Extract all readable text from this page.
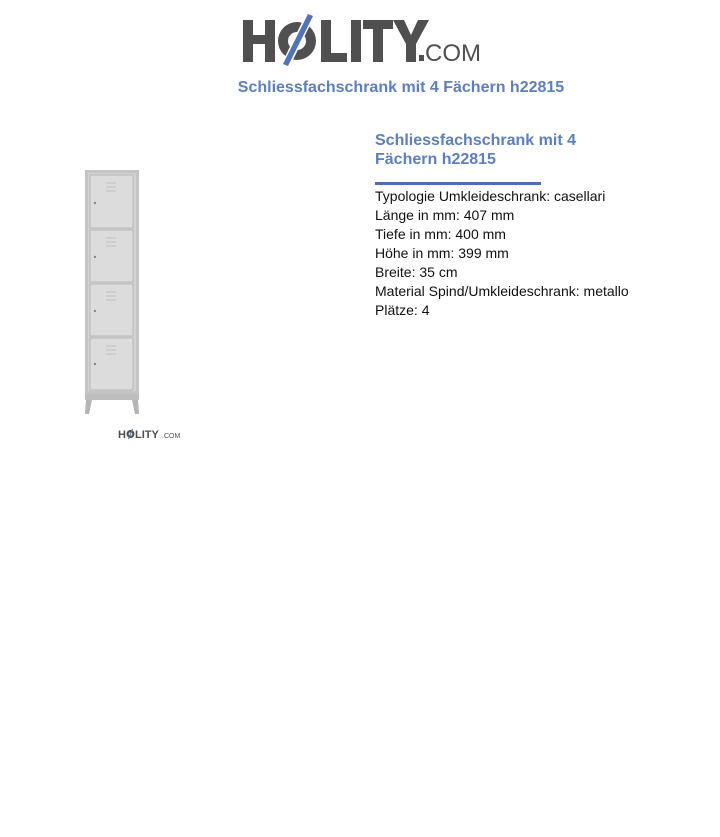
COM
Schliessfachschrank mit 4 Fächern h22815
H LITY .COM
Schliessfachschrank mit 4 Fächern h22815
Typologie Umkleideschrank: casellari
Länge in mm: 407 mm
Tiefe in mm: 400 mm
Höhe in mm: 399 mm
Breite: 35 cm
Material Spind/Umkleideschrank: metallo
Plätze: 4
